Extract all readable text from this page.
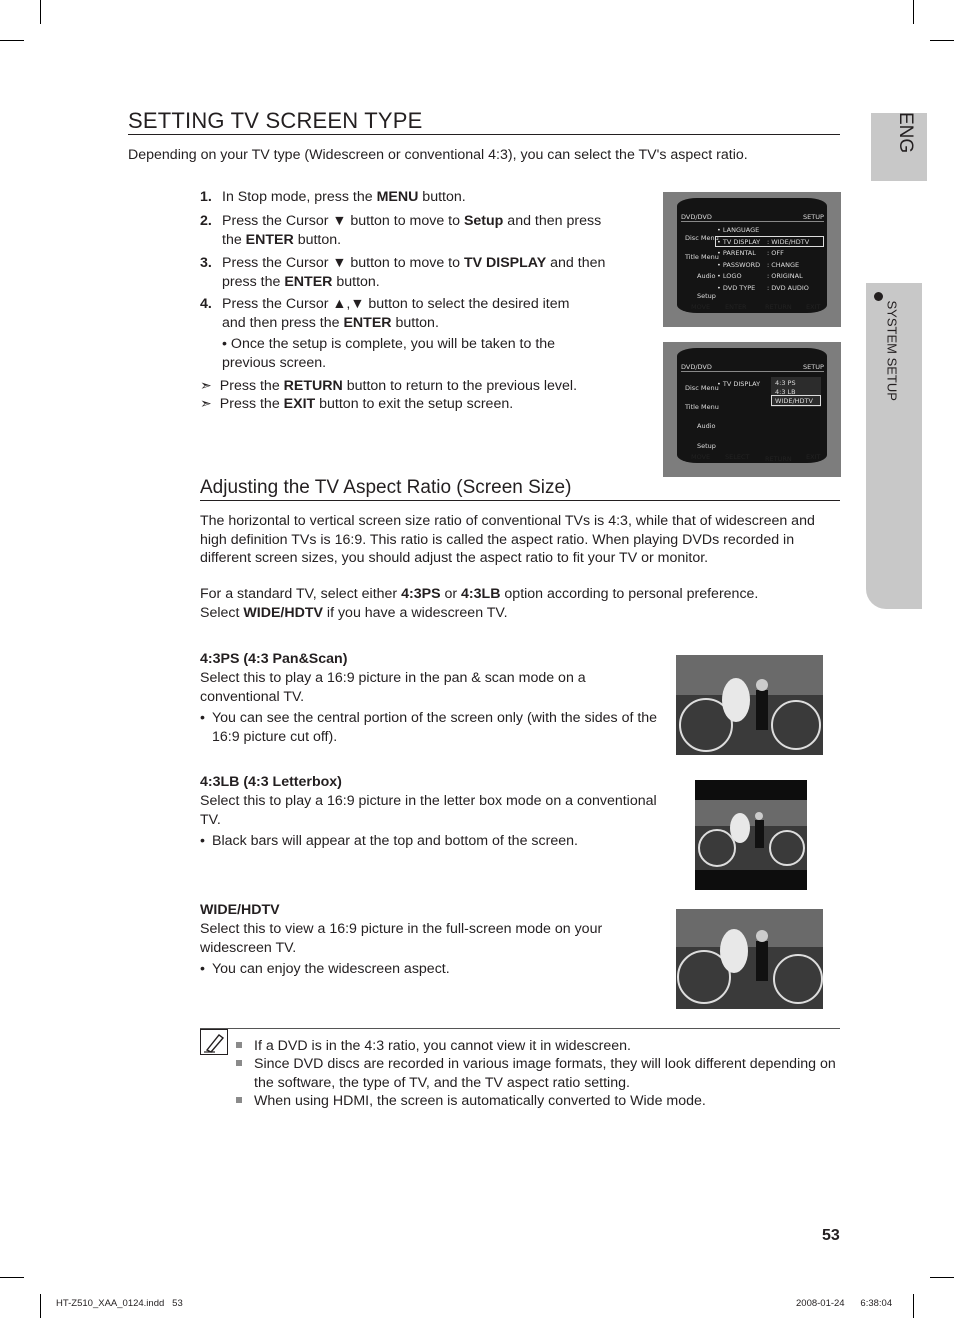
ENG
SYSTEM SETUP
SETTING TV SCREEN TYPE

Depending on your TV type (Widescreen or conventional 4:3), you can select the TV's aspect ratio.

1. In Stop mode, press the MENU button.
2. Press the Cursor ▼ button to move to Setup and then press the ENTER button.
3. Press the Cursor ▼ button to move to TV DISPLAY and then press the ENTER button.
4. Press the Cursor ▲,▼ button to select the desired item and then press the ENTER button.
• Once the setup is complete, you will be taken to the previous screen.
➣ Press the RETURN button to return to the previous level.
➣ Press the EXIT button to exit the setup screen.
DVD/DVD	SETUP
Disc Menu
Title Menu
Audio
Setup
• LANGUAGE
• TV DISPLAY : WIDE/HDTV
• PARENTAL : OFF
• PASSWORD : CHANGE
• LOGO	: ORIGINAL
• DVD TYPE : DVD AUDIO
MOVE ENTER	RETURN EXIT
DVD/DVD	SETUP
Disc Menu
Title Menu
Audio
Setup
• TV DISPLAY 4:3 PS
4:3 LB
WIDE/HDTV
MOVE SELECT RETURN EXIT
Adjusting the TV Aspect Ratio (Screen Size)

The horizontal to vertical screen size ratio of conventional TVs is 4:3, while that of widescreen and high definition TVs is 16:9. This ratio is called the aspect ratio. When playing DVDs recorded in different screen sizes, you should adjust the aspect ratio to fit your TV or monitor.

For a standard TV, select either 4:3PS or 4:3LB option according to personal preference.

Select WIDE/HDTV if you have a widescreen TV.

4:3PS (4:3 Pan&Scan)

Select this to play a 16:9 picture in the pan & scan mode on a conventional TV.

• You can see the central portion of the screen only (with the sides of the 16:9 picture cut off).
4:3LB (4:3 Letterbox)

Select this to play a 16:9 picture in the letter box mode on a conventional TV.

• Black bars will appear at the top and bottom of the screen.
WIDE/HDTV

Select this to view a 16:9 picture in the full-screen mode on your widescreen TV.

• You can enjoy the widescreen aspect.
If a DVD is in the 4:3 ratio, you cannot view it in widescreen.
Since DVD discs are recorded in various image formats, they will look different depending on the software, the type of TV, and the TV aspect ratio setting.
When using HDMI, the screen is automatically converted to Wide mode.
53
HT-Z510_XAA_0124.indd   53	2008-01-24      6:38:04
